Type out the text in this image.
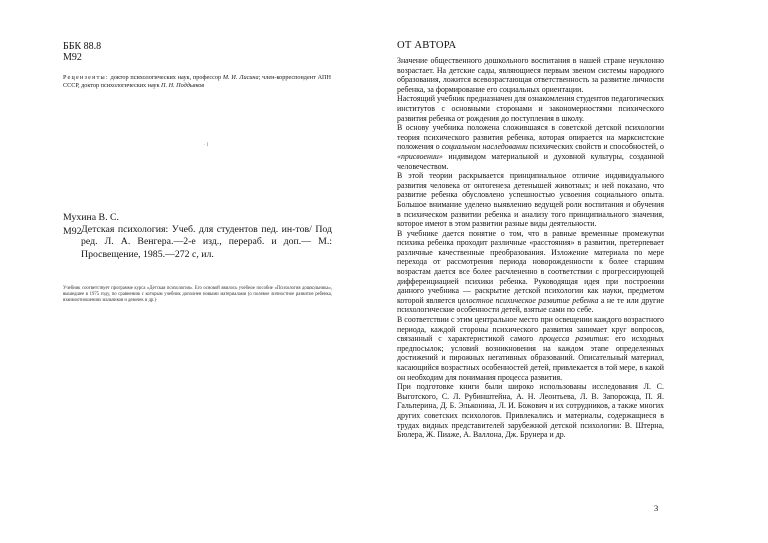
ББК 88.8
М92
Рецензенты: доктор психологических наук, профессор М. И. Лисина; член-корреспондент АПН СССР, доктор психологических наук П. Н. Поддьяков
· I
Мухина В. С.
М92 Детская психология: Учеб. для студентов пед. ин-тов/ Под ред. Л. А. Венгера.—2-е изд., перераб. и доп.— М.: Просвещение, 1985.—272 с, ил.
Учебник соответствует программе курса «Детская психология». Его основой явилось учебное пособие «Психология дошкольника», вышедшее в 1975 году, по сравнению с которым учебник дополнен новыми материалами (о полевое личностное развитие ребенка, взаимоотношениях мальчиков и девочек и др.)·
ОТ АВТОРА

Значение общественного дошкольного воспитания в нашей стране неуклонно возрастает. На детские сады, являющиеся первым звеном системы народного образования, ложится всевозрастающая ответственность за развитие личности ребенка, за формирование его социальных ориентации.

Настоящий учебник предназначен для ознакомления студентов педагогических институтов с основными сторонами и закономерностями психического развития ребенка от рождения до поступления в школу.

В основу учебника положена сложившаяся в советской детской психологии теория психического развития ребенка, которая опирается на марксистские положения о социальном наследовании психических свойств и способностей, о «присвоении» индивидом материальной и духовной культуры, созданной человечеством.

В этой теории раскрывается принципиальное отличие индивидуального развития человека от онтогенеза детенышей животных; и ней показано, что развитие ребенка обусловлено успешностью усвоения социального опыта. Большое внимание уделено выявлению ведущей роли воспитания и обучения в психическом развитии ребенка и анализу того принципиального значения, которое имеют в этом развитии разные виды деятельности.

В учебнике дается понятие о том, что в равные временные промежутки психика ребенка проходит различные «расстояния» в развитии, претерпевает различные качественные преобразования. Изложение материала по мере перехода от рассмотрения периода новорожденности к более старшим возрастам дается все более расчлененно в соответствии с прогрессирующей дифференциацией психики ребенка. Руководящая идея при построении данного учебника — раскрытие детской психологии как науки, предметом которой является целостное психическое развитие ребенка а не те или другие психологические особенности детей, взятые сами по себе.

В соответствии с этим центральное место при освещении каждого возрастного периода, каждой стороны психического развития занимает круг вопросов, связанный с характеристикой самого процесса развития: его исходных предпосылок; условий возникновения на каждом этапе определенных достижений и пирожных негативных образований. Описательный материал, касающийся возрастных особенностей детей, привлекается в той мере, в какой он необходим для понимания процесса развития.

При подготовке книги были широко использованы исследования Л. С. Выготского, С. Л. Рубинштейна, А. Н. Леонтьева, Л. В. Запорожца, П. Я. Гальперина, Д. Б. Эльконина, Л. И. Божович и их сотрудников, а также многих других советских психологов. Привлекались и материалы, содержащиеся в трудах видных представителей зарубежной детской психологии: В. Штерна, Бюлера, Ж. Пиаже, А. Валлона, Дж. Брунера и др.

3
